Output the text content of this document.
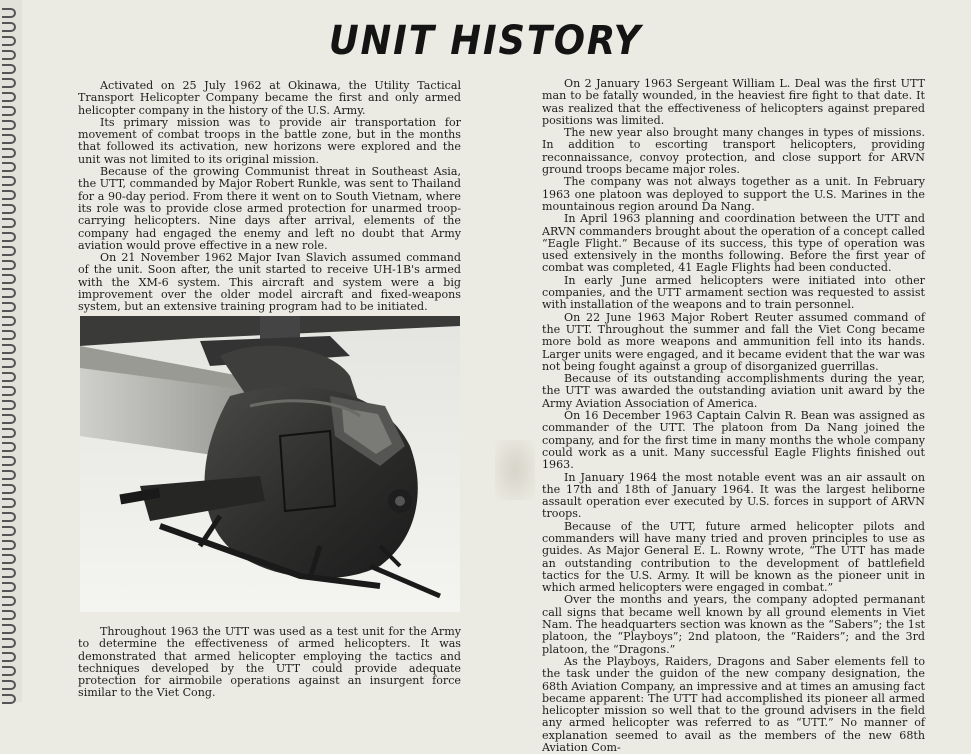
UNIT HISTORY

Activated on 25 July 1962 at Okinawa, the Utility Tactical Transport Helicopter Company became the first and only armed helicopter company in the history of the U.S. Army.

Its primary mission was to provide air transportation for movement of combat troops in the battle zone, but in the months that followed its activation, new horizons were explored and the unit was not limited to its original mission.

Because of the growing Communist threat in Southeast Asia, the UTT, commanded by Major Robert Runkle, was sent to Thailand for a 90-day period. From there it went on to South Vietnam, where its role was to provide close armed protection for unarmed troop-carrying helicopters. Nine days after arrival, elements of the company had engaged the enemy and left no doubt that Army aviation would prove effective in a new role.

On 21 November 1962 Major Ivan Slavich assumed command of the unit. Soon after, the unit started to receive UH-1B's armed with the XM-6 system. This aircraft and system were a big improvement over the older model aircraft and fixed-weapons system, but an extensive training program had to be initiated.

Throughout 1963 the UTT was used as a test unit for the Army to determine the effectiveness of armed helicopters. It was demonstrated that armed helicopter employing the tactics and techniques developed by the UTT could provide adequate protection for airmobile operations against an insurgent force similar to the Viet Cong.

On 2 January 1963 Sergeant William L. Deal was the first UTT man to be fatally wounded, in the heaviest fire fight to that date. It was realized that the effectiveness of helicopters against prepared positions was limited.

The new year also brought many changes in types of missions. In addition to escorting transport helicopters, providing reconnaissance, convoy protection, and close support for ARVN ground troops became major roles.

The company was not always together as a unit. In February 1963 one platoon was deployed to support the U.S. Marines in the mountainous region around Da Nang.

In April 1963 planning and coordination between the UTT and ARVN commanders brought about the operation of a concept called “Eagle Flight.” Because of its success, this type of operation was used extensively in the months following. Before the first year of combat was completed, 41 Eagle Flights had been conducted.

In early June armed helicopters were initiated into other companies, and the UTT armament section was requested to assist with installation of the weapons and to train personnel.

On 22 June 1963 Major Robert Reuter assumed command of the UTT. Throughout the summer and fall the Viet Cong became more bold as more weapons and ammunition fell into its hands. Larger units were engaged, and it became evident that the war was not being fought against a group of disorganized guerrillas.

Because of its outstanding accomplishments during the year, the UTT was awarded the outstanding aviation unit award by the Army Aviation Association of America.

On 16 December 1963 Captain Calvin R. Bean was assigned as commander of the UTT. The platoon from Da Nang joined the company, and for the first time in many months the whole company could work as a unit. Many successful Eagle Flights finished out 1963.

In January 1964 the most notable event was an air assault on the 17th and 18th of January 1964. It was the largest heliborne assault operation ever executed by U.S. forces in support of ARVN troops.

Because of the UTT, future armed helicopter pilots and commanders will have many tried and proven principles to use as guides. As Major General E. L. Rowny wrote, “The UTT has made an outstanding contribution to the development of battlefield tactics for the U.S. Army. It will be known as the pioneer unit in which armed helicopters were engaged in combat.”

Over the months and years, the company adopted permanant call signs that became well known by all ground elements in Viet Nam. The headquarters section was known as the “Sabers”; the 1st platoon, the “Playboys”; 2nd platoon, the “Raiders”; and the 3rd platoon, the “Dragons.”

As the Playboys, Raiders, Dragons and Saber elements fell to the task under the guidon of the new company designation, the 68th Aviation Company, an impressive and at times an amusing fact became apparent: The UTT had accomplished its pioneer all armed helicopter mission so well that to the ground advisers in the field any armed helicopter was referred to as “UTT.” No manner of explanation seemed to avail as the members of the new 68th Aviation Com-
